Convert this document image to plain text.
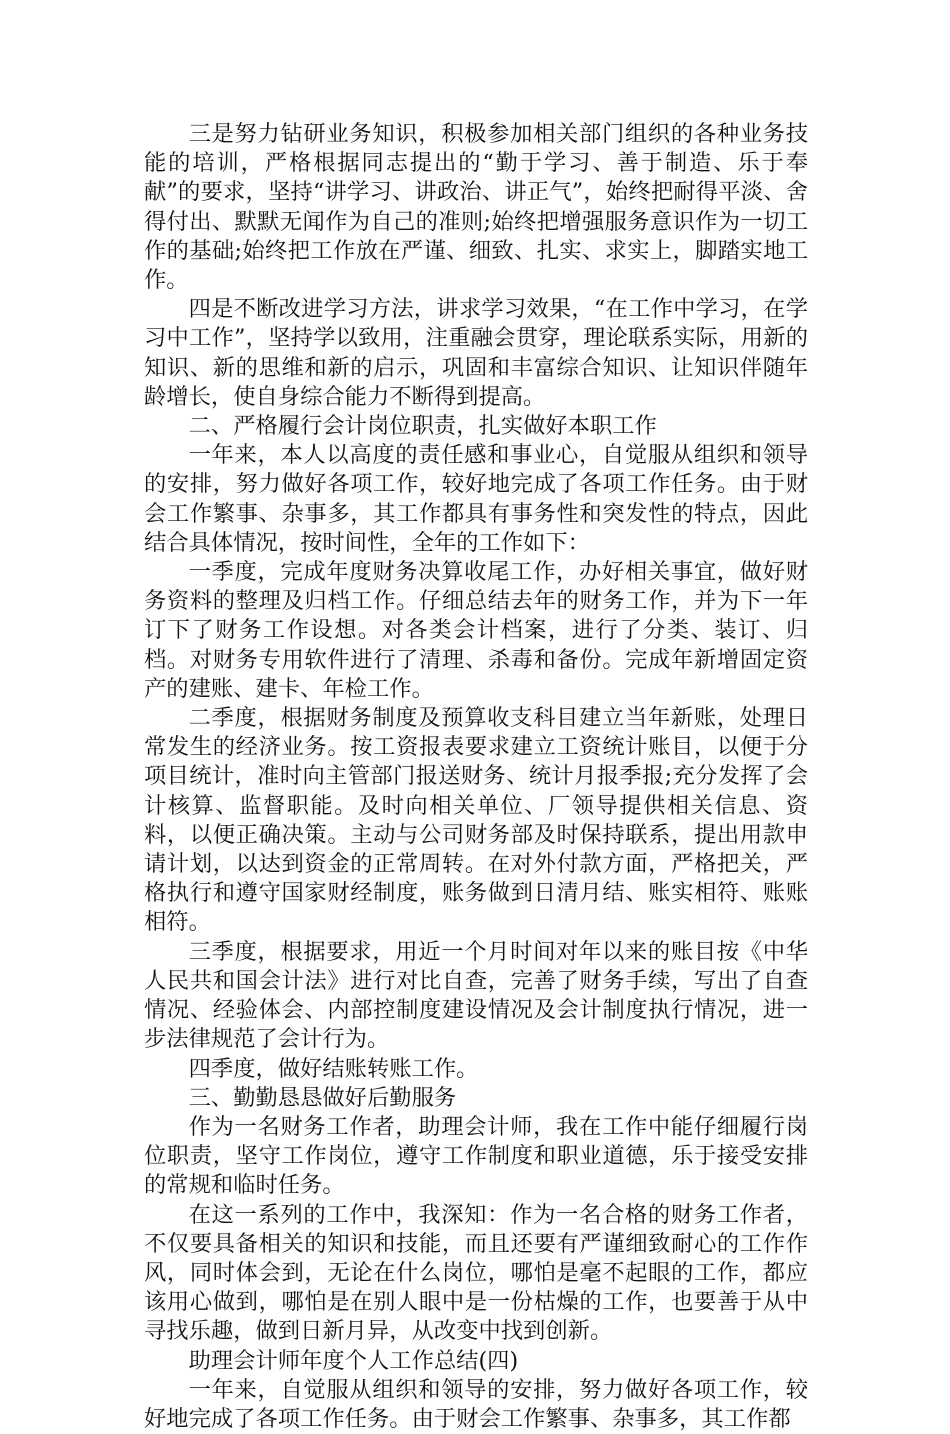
三是努力钻研业务知识，积极参加相关部门组织的各种业务技能的培训，严格根据同志提出的“勤于学习、善于制造、乐于奉献”的要求，坚持“讲学习、讲政治、讲正气”，始终把耐得平淡、舍得付出、默默无闻作为自己的准则;始终把增强服务意识作为一切工作的基础;始终把工作放在严谨、细致、扎实、求实上，脚踏实地工作。

四是不断改进学习方法，讲求学习效果，“在工作中学习，在学习中工作”，坚持学以致用，注重融会贯穿，理论联系实际，用新的知识、新的思维和新的启示，巩固和丰富综合知识、让知识伴随年龄增长，使自身综合能力不断得到提高。

二、严格履行会计岗位职责，扎实做好本职工作

一年来，本人以高度的责任感和事业心，自觉服从组织和领导的安排，努力做好各项工作，较好地完成了各项工作任务。由于财会工作繁事、杂事多，其工作都具有事务性和突发性的特点，因此结合具体情况，按时间性，全年的工作如下：

一季度，完成年度财务决算收尾工作，办好相关事宜，做好财务资料的整理及归档工作。仔细总结去年的财务工作，并为下一年订下了财务工作设想。对各类会计档案，进行了分类、装订、归档。对财务专用软件进行了清理、杀毒和备份。完成年新增固定资产的建账、建卡、年检工作。

二季度，根据财务制度及预算收支科目建立当年新账，处理日常发生的经济业务。按工资报表要求建立工资统计账目，以便于分项目统计，准时向主管部门报送财务、统计月报季报;充分发挥了会计核算、监督职能。及时向相关单位、厂领导提供相关信息、资料，以便正确决策。主动与公司财务部及时保持联系，提出用款申请计划，以达到资金的正常周转。在对外付款方面，严格把关，严格执行和遵守国家财经制度，账务做到日清月结、账实相符、账账相符。

三季度，根据要求，用近一个月时间对年以来的账目按《中华人民共和国会计法》进行对比自查，完善了财务手续，写出了自查情况、经验体会、内部控制度建设情况及会计制度执行情况，进一步法律规范了会计行为。

四季度，做好结账转账工作。

三、勤勤恳恳做好后勤服务

作为一名财务工作者，助理会计师，我在工作中能仔细履行岗位职责，坚守工作岗位，遵守工作制度和职业道德，乐于接受安排的常规和临时任务。

在这一系列的工作中，我深知：作为一名合格的财务工作者，不仅要具备相关的知识和技能，而且还要有严谨细致耐心的工作作风，同时体会到，无论在什么岗位，哪怕是毫不起眼的工作，都应该用心做到，哪怕是在别人眼中是一份枯燥的工作，也要善于从中寻找乐趣，做到日新月异，从改变中找到创新。

助理会计师年度个人工作总结(四)

一年来，自觉服从组织和领导的安排，努力做好各项工作，较好地完成了各项工作任务。由于财会工作繁事、杂事多，其工作都
